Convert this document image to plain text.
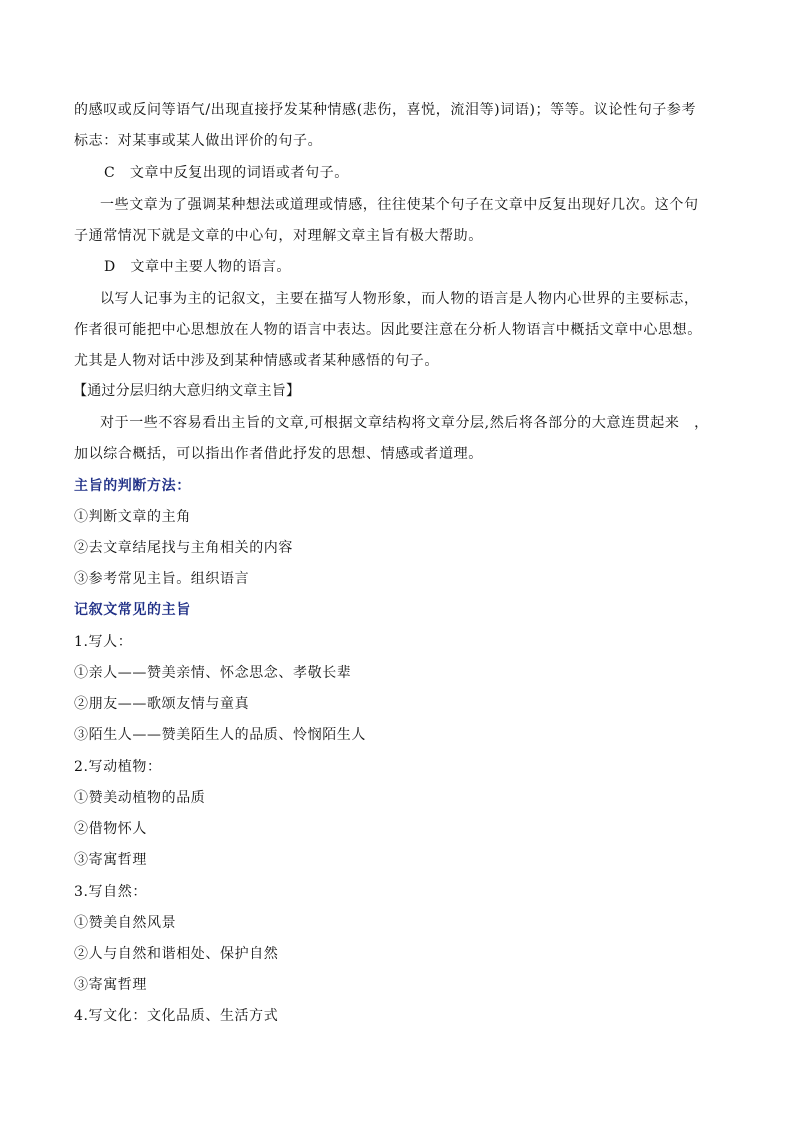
的感叹或反问等语气/出现直接抒发某种情感(悲伤，喜悦，流泪等)词语)；等等。议论性句子参考
标志：对某事或某人做出评价的句子。
C　文章中反复出现的词语或者句子。
一些文章为了强调某种想法或道理或情感，往往使某个句子在文章中反复出现好几次。这个句
子通常情况下就是文章的中心句，对理解文章主旨有极大帮助。
D　文章中主要人物的语言。
以写人记事为主的记叙文，主要在描写人物形象，而人物的语言是人物内心世界的主要标志，
作者很可能把中心思想放在人物的语言中表达。因此要注意在分析人物语言中概括文章中心思想。
尤其是人物对话中涉及到某种情感或者某种感悟的句子。
【通过分层归纳大意归纳文章主旨】
对于一些不容易看出主旨的文章,可根据文章结构将文章分层,然后将各部分的大意连贯起来　，
加以综合概括，可以指出作者借此抒发的思想、情感或者道理。
主旨的判断方法：
①判断文章的主角
②去文章结尾找与主角相关的内容
③参考常见主旨。组织语言
记叙文常见的主旨
1.写人：
①亲人——赞美亲情、怀念思念、孝敬长辈
②朋友——歌颂友情与童真
③陌生人——赞美陌生人的品质、怜悯陌生人
2.写动植物：
①赞美动植物的品质
②借物怀人
③寄寓哲理
3.写自然：
①赞美自然风景
②人与自然和谐相处、保护自然
③寄寓哲理
4.写文化：文化品质、生活方式
